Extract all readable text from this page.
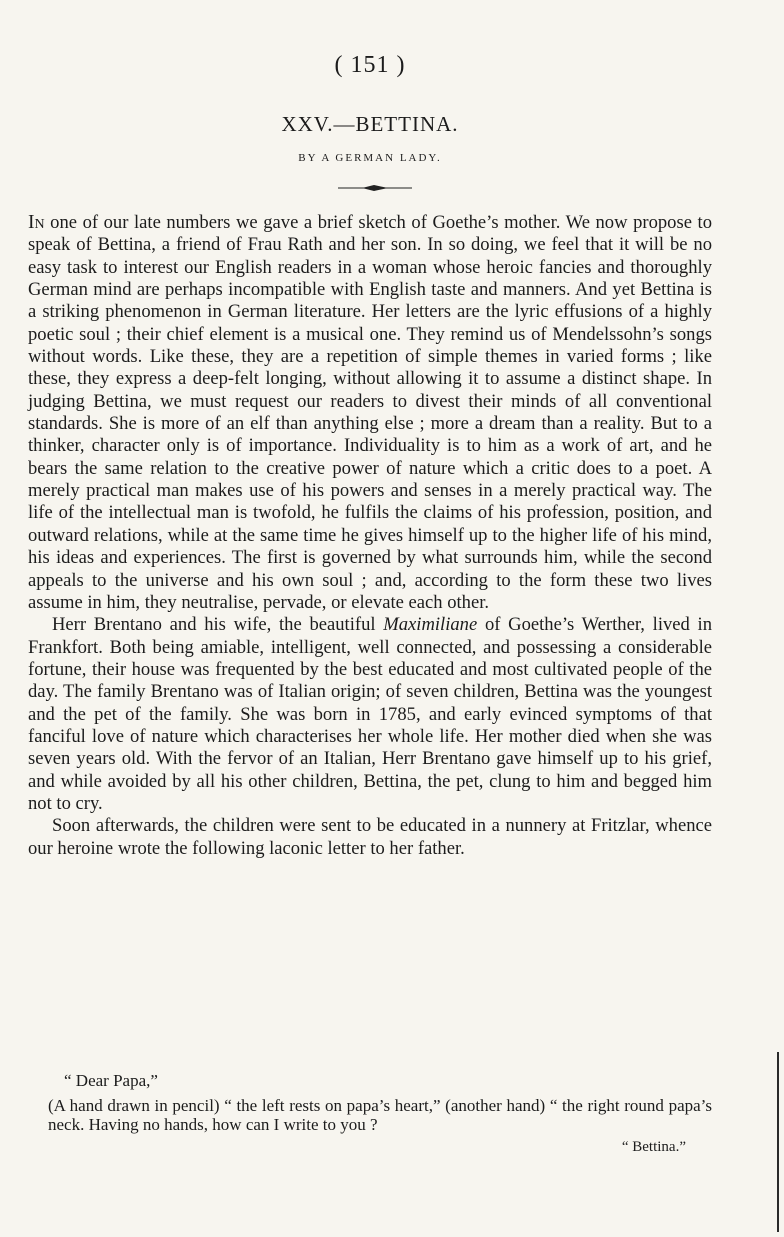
( 151 )
XXV.—BETTINA.
BY A GERMAN LADY.

In one of our late numbers we gave a brief sketch of Goethe’s mother. We now propose to speak of Bettina, a friend of Frau Rath and her son. In so doing, we feel that it will be no easy task to interest our English readers in a woman whose heroic fancies and thoroughly German mind are perhaps incompatible with English taste and manners. And yet Bettina is a striking phenomenon in German literature. Her letters are the lyric effusions of a highly poetic soul ; their chief element is a musical one. They remind us of Mendelssohn’s songs without words. Like these, they are a repetition of simple themes in varied forms ; like these, they express a deep-felt longing, without allowing it to assume a distinct shape. In judging Bettina, we must request our readers to divest their minds of all conventional standards. She is more of an elf than anything else ; more a dream than a reality. But to a thinker, character only is of importance. Individuality is to him as a work of art, and he bears the same relation to the creative power of nature which a critic does to a poet. A merely practical man makes use of his powers and senses in a merely practical way. The life of the intellectual man is twofold, he fulfils the claims of his profession, position, and outward relations, while at the same time he gives himself up to the higher life of his mind, his ideas and experiences. The first is governed by what surrounds him, while the second appeals to the universe and his own soul ; and, according to the form these two lives assume in him, they neutralise, pervade, or elevate each other.

Herr Brentano and his wife, the beautiful Maximiliane of Goethe’s Werther, lived in Frankfort. Both being amiable, intelligent, well connected, and possessing a considerable fortune, their house was frequented by the best educated and most cultivated people of the day. The family Brentano was of Italian origin; of seven children, Bettina was the youngest and the pet of the family. She was born in 1785, and early evinced symptoms of that fanciful love of nature which characterises her whole life. Her mother died when she was seven years old. With the fervor of an Italian, Herr Brentano gave himself up to his grief, and while avoided by all his other children, Bettina, the pet, clung to him and begged him not to cry.

Soon afterwards, the children were sent to be educated in a nunnery at Fritzlar, whence our heroine wrote the following laconic letter to her father.

“ Dear Papa,”
(A hand drawn in pencil) “ the left rests on papa’s heart,” (another hand) “ the right round papa’s neck. Having no hands, how can I write to you ?
“ Bettina.”
